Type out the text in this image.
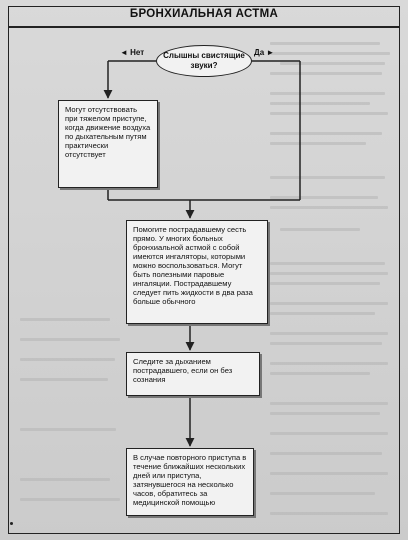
БРОНХИАЛЬНАЯ АСТМА
Слышны свистящие звуки?
◄ Нет	Да ►
Могут отсутствовать при тяжелом приступе, когда движение воздуха по дыхательным путям практически отсутствует
Помогите пострадавшему сесть прямо. У многих больных бронхиальной астмой с собой имеются ингаляторы, которыми можно воспользоваться. Могут быть полезными паровые ингаляции. Пострадавшему следует пить жидкости в два раза больше обычного
Следите за дыханием пострадавшего, если он без сознания
В случае повторного приступа в течение ближайших нескольких дней или приступа, затянувшегося на несколько часов, обратитесь за медицинской помощью
